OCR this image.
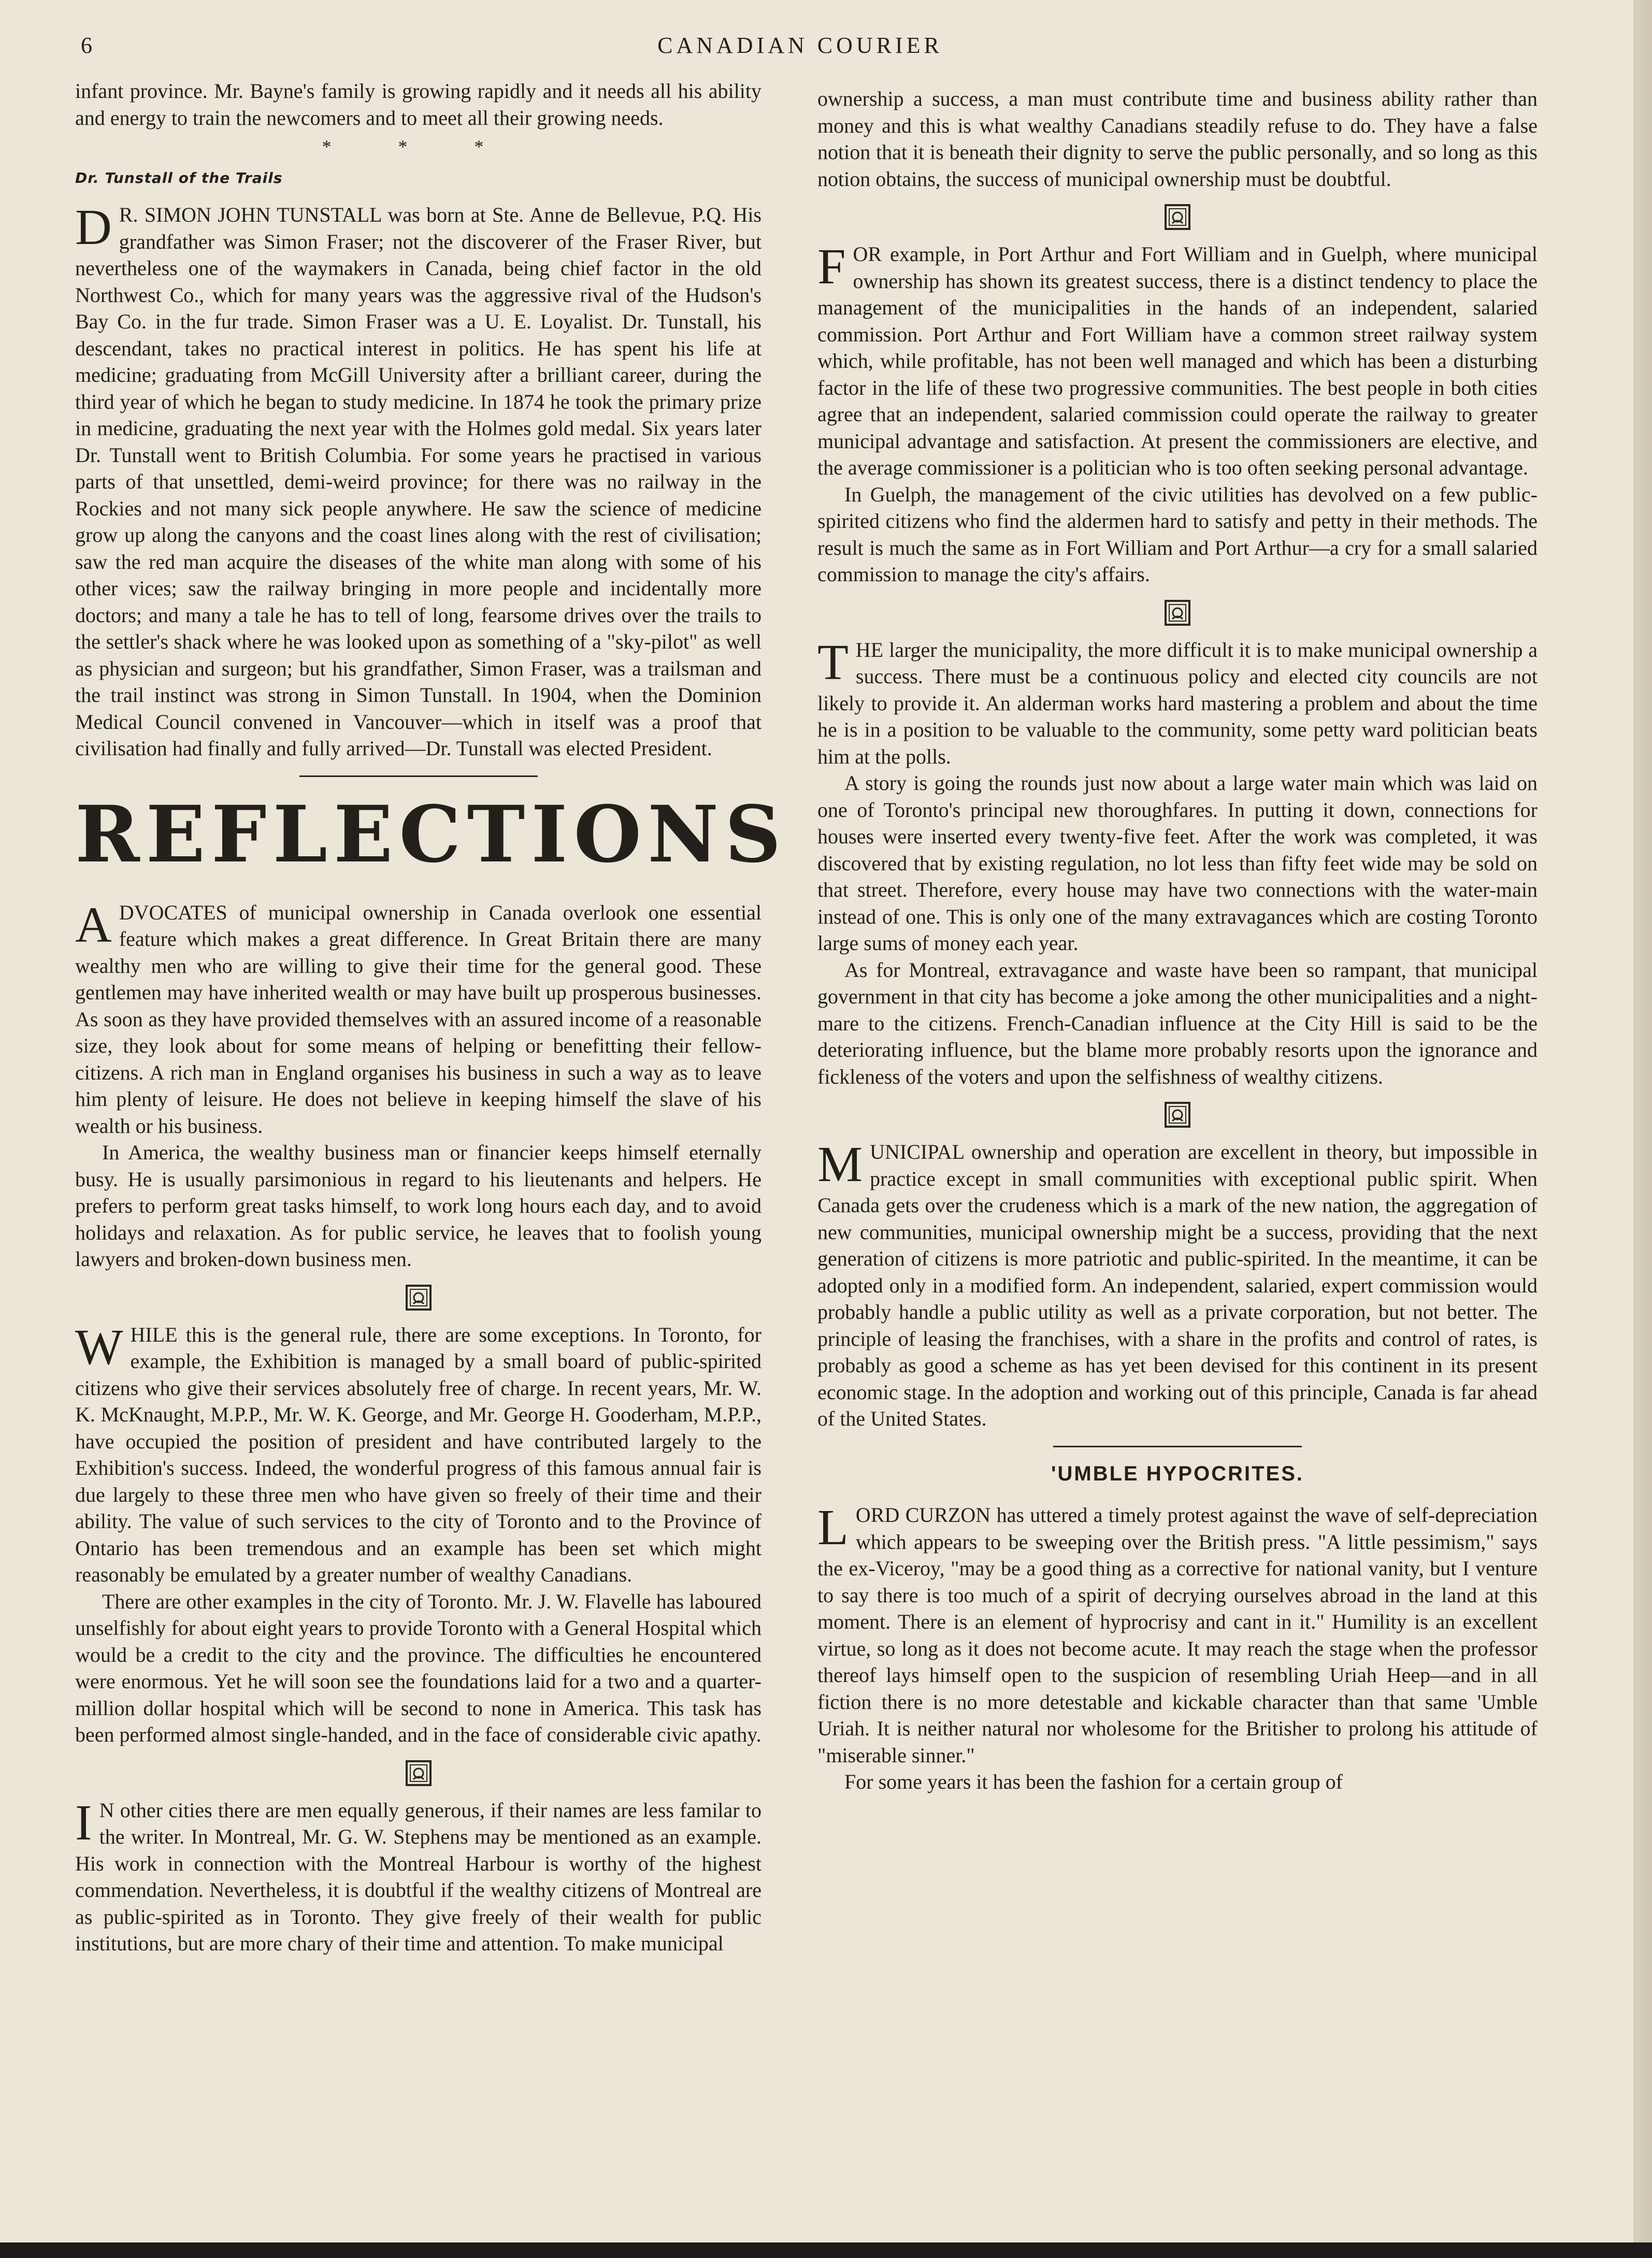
6	CANADIAN COURIER

infant province. Mr. Bayne's family is growing rapidly and it needs all his ability and energy to train the newcomers and to meet all their growing needs.

* * *
Dr. Tunstall of the Trails

D R. SIMON JOHN TUNSTALL was born at Ste. Anne de Bellevue, P.Q. His grandfather was Simon Fraser; not the discoverer of the Fraser River, but nevertheless one of the waymakers in Canada, being chief factor in the old Northwest Co., which for many years was the aggressive rival of the Hudson's Bay Co. in the fur trade. Simon Fraser was a U. E. Loyalist. Dr. Tunstall, his descendant, takes no practical interest in politics. He has spent his life at medicine; graduating from McGill University after a brilliant career, during the third year of which he began to study medicine. In 1874 he took the primary prize in medicine, graduating the next year with the Holmes gold medal. Six years later Dr. Tunstall went to British Columbia. For some years he practised in various parts of that unsettled, demi-weird province; for there was no railway in the Rockies and not many sick people anywhere. He saw the science of medicine grow up along the canyons and the coast lines along with the rest of civilisation; saw the red man acquire the diseases of the white man along with some of his other vices; saw the railway bringing in more people and incidentally more doctors; and many a tale he has to tell of long, fearsome drives over the trails to the settler's shack where he was looked upon as something of a "sky-pilot" as well as physician and surgeon; but his grandfather, Simon Fraser, was a trailsman and the trail instinct was strong in Simon Tunstall. In 1904, when the Dominion Medical Council convened in Vancouver—which in itself was a proof that civilisation had finally and fully arrived—Dr. Tunstall was elected President.

REFLECTIONS

ADVOCATES of municipal ownership in Canada overlook one essential feature which makes a great difference. In Great Britain there are many wealthy men who are willing to give their time for the general good. These gentlemen may have inherited wealth or may have built up prosperous businesses. As soon as they have provided themselves with an assured income of a reasonable size, they look about for some means of helping or benefitting their fellow-citizens. A rich man in England organises his business in such a way as to leave him plenty of leisure. He does not believe in keeping himself the slave of his wealth or his business.

In America, the wealthy business man or financier keeps himself eternally busy. He is usually parsimonious in regard to his lieutenants and helpers. He prefers to perform great tasks himself, to work long hours each day, and to avoid holidays and relaxation. As for public service, he leaves that to foolish young lawyers and broken-down business men.

WHILE this is the general rule, there are some exceptions. In Toronto, for example, the Exhibition is managed by a small board of public-spirited citizens who give their services absolutely free of charge. In recent years, Mr. W. K. McKnaught, M.P.P., Mr. W. K. George, and Mr. George H. Gooderham, M.P.P., have occupied the position of president and have contributed largely to the Exhibition's success. Indeed, the wonderful progress of this famous annual fair is due largely to these three men who have given so freely of their time and their ability. The value of such services to the city of Toronto and to the Province of Ontario has been tremendous and an example has been set which might reasonably be emulated by a greater number of wealthy Canadians.

There are other examples in the city of Toronto. Mr. J. W. Flavelle has laboured unselfishly for about eight years to provide Toronto with a General Hospital which would be a credit to the city and the province. The difficulties he encountered were enormous. Yet he will soon see the foundations laid for a two and a quarter-million dollar hospital which will be second to none in America. This task has been performed almost single-handed, and in the face of considerable civic apathy.

I N other cities there are men equally generous, if their names are less familar to the writer. In Montreal, Mr. G. W. Stephens may be mentioned as an example. His work in connection with the Montreal Harbour is worthy of the highest commendation. Nevertheless, it is doubtful if the wealthy citizens of Montreal are as public-spirited as in Toronto. They give freely of their wealth for public institutions, but are more chary of their time and attention. To make municipal

ownership a success, a man must contribute time and business ability rather than money and this is what wealthy Canadians steadily refuse to do. They have a false notion that it is beneath their dignity to serve the public personally, and so long as this notion obtains, the success of municipal ownership must be doubtful.

FOR example, in Port Arthur and Fort William and in Guelph, where municipal ownership has shown its greatest success, there is a distinct tendency to place the management of the municipalities in the hands of an independent, salaried commission. Port Arthur and Fort William have a common street railway system which, while profitable, has not been well managed and which has been a disturbing factor in the life of these two progressive communities. The best people in both cities agree that an independent, salaried commission could operate the railway to greater municipal advantage and satisfaction. At present the commissioners are elective, and the average commissioner is a politician who is too often seeking personal advantage.

In Guelph, the management of the civic utilities has devolved on a few public-spirited citizens who find the aldermen hard to satisfy and petty in their methods. The result is much the same as in Fort William and Port Arthur—a cry for a small salaried commission to manage the city's affairs.

THE larger the municipality, the more difficult it is to make municipal ownership a success. There must be a continuous policy and elected city councils are not likely to provide it. An alderman works hard mastering a problem and about the time he is in a position to be valuable to the community, some petty ward politician beats him at the polls.

A story is going the rounds just now about a large water main which was laid on one of Toronto's principal new thoroughfares. In putting it down, connections for houses were inserted every twenty-five feet. After the work was completed, it was discovered that by existing regulation, no lot less than fifty feet wide may be sold on that street. Therefore, every house may have two connections with the water-main instead of one. This is only one of the many extravagances which are costing Toronto large sums of money each year.

As for Montreal, extravagance and waste have been so rampant, that municipal government in that city has become a joke among the other municipalities and a night-mare to the citizens. French-Canadian influence at the City Hill is said to be the deteriorating influence, but the blame more probably resorts upon the ignorance and fickleness of the voters and upon the selfishness of wealthy citizens.

MUNICIPAL ownership and operation are excellent in theory, but impossible in practice except in small communities with exceptional public spirit. When Canada gets over the crudeness which is a mark of the new nation, the aggregation of new communities, municipal ownership might be a success, providing that the next generation of citizens is more patriotic and public-spirited. In the meantime, it can be adopted only in a modified form. An independent, salaried, expert commission would probably handle a public utility as well as a private corporation, but not better. The principle of leasing the franchises, with a share in the profits and control of rates, is probably as good a scheme as has yet been devised for this continent in its present economic stage. In the adoption and working out of this principle, Canada is far ahead of the United States.

'UMBLE HYPOCRITES.

LORD CURZON has uttered a timely protest against the wave of self-depreciation which appears to be sweeping over the British press. "A little pessimism," says the ex-Viceroy, "may be a good thing as a corrective for national vanity, but I venture to say there is too much of a spirit of decrying ourselves abroad in the land at this moment. There is an element of hyprocrisy and cant in it." Humility is an excellent virtue, so long as it does not become acute. It may reach the stage when the professor thereof lays himself open to the suspicion of resembling Uriah Heep—and in all fiction there is no more detestable and kickable character than that same 'Umble Uriah. It is neither natural nor wholesome for the Britisher to prolong his attitude of "miserable sinner."

For some years it has been the fashion for a certain group of
